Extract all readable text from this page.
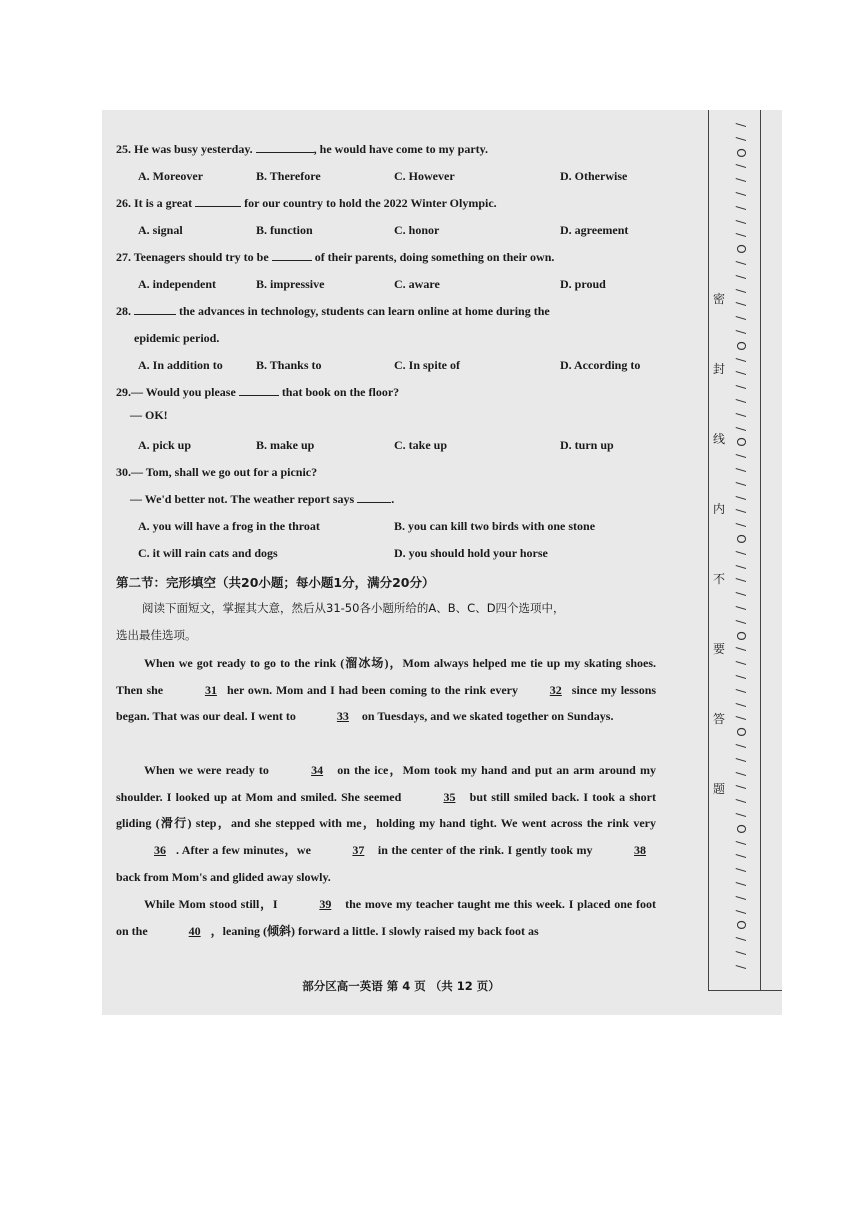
25. He was busy yesterday.	, he would have come to my party.
A. Moreover	B. Therefore	C. However	D. Otherwise
26. It is a great	for our country to hold the 2022 Winter Olympic.
A. signal	B. function	C. honor	D. agreement
27. Teenagers should try to be	of their parents, doing something on their own.
A. independent	B. impressive	C. aware	D. proud
28.	the advances in technology, students can learn online at home during the
epidemic period.
A. In addition to	B. Thanks to	C. In spite of	D. According to
29.— Would you please	that book on the floor?
— OK!
A. pick up	B. make up	C. take up	D. turn up
30.— Tom, shall we go out for a picnic?
— We'd better not. The weather report says	.
A. you will have a frog in the throat	B. you can kill two birds with one stone
C. it will rain cats and dogs	D. you should hold your horse
第二节：完形填空（共20小题；每小题1分，满分20分）
阅读下面短文，掌握其大意，然后从31-50各小题所给的A、B、C、D四个选项中，
选出最佳选项。
When we got ready to go to the rink (溜冰场)，Mom always helped me tie up my skating shoes. Then she	31 her own. Mom and I had been coming to the rink every	32 since my lessons began. That was our deal. I went to	33 on Tuesdays, and we skated together on Sundays.
When we were ready to	34 on the ice，Mom took my hand and put an arm around my shoulder. I looked up at Mom and smiled. She seemed	35 but still smiled back. I took a short gliding (滑行) step，and she stepped with me，holding my hand tight. We went across the rink very 36 . After a few minutes，we	37 in the center of the rink. I gently took my	38 back from Mom's and glided away slowly.
While Mom stood still，I	39 the move my teacher taught me this week. I placed one foot on the	40 ，leaning (倾斜) forward a little. I slowly raised my back foot as
部分区高一英语 第 4 页 （共 12 页）
密
封
线
内
不
要
答
题
/
/
O
/
/
/
/
/
/
O
/
/
/
/
/
/
O
/
/
/
/
/
/
O
/
/
/
/
/
/
O
/
/
/
/
/
/
O
/
/
/
/
/
/
O
/
/
/
/
/
/
O
/
/
/
/
/
/
O
/
/
/
